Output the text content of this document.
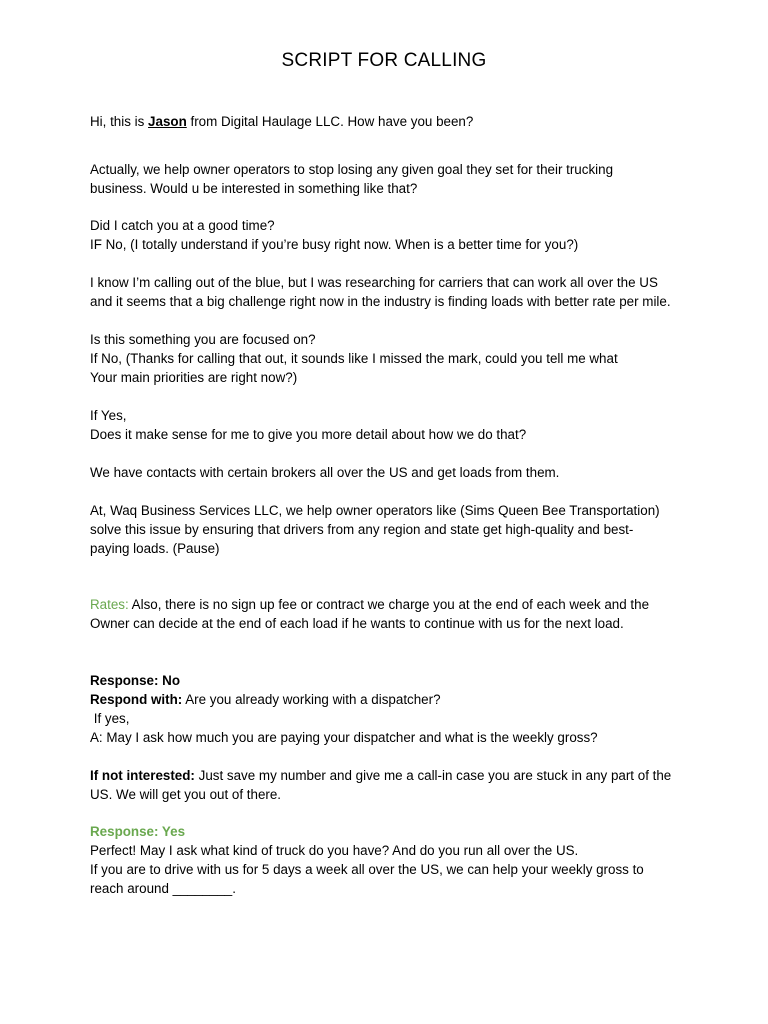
SCRIPT FOR CALLING

Hi, this is Jason from Digital Haulage LLC. How have you been?

Actually, we help owner operators to stop losing any given goal they set for their trucking business. Would u be interested in something like that?

Did I catch you at a good time?

IF No, (I totally understand if you’re busy right now. When is a better time for you?)

I know I’m calling out of the blue, but I was researching for carriers that can work all over the US and it seems that a big challenge right now in the industry is finding loads with better rate per mile.

Is this something you are focused on?

If No, (Thanks for calling that out, it sounds like I missed the mark, could you tell me what

Your main priorities are right now?)

If Yes,

Does it make sense for me to give you more detail about how we do that?

We have contacts with certain brokers all over the US and get loads from them.

At, Waq Business Services LLC, we help owner operators like (Sims Queen Bee Transportation) solve this issue by ensuring that drivers from any region and state get high-quality and best-paying loads. (Pause)

Rates: Also, there is no sign up fee or contract we charge you at the end of each week and the Owner can decide at the end of each load if he wants to continue with us for the next load.

Response: No

Respond with: Are you already working with a dispatcher?

If yes,

A: May I ask how much you are paying your dispatcher and what is the weekly gross?

If not interested: Just save my number and give me a call-in case you are stuck in any part of the US. We will get you out of there.

Response: Yes

Perfect! May I ask what kind of truck do you have? And do you run all over the US.

If you are to drive with us for 5 days a week all over the US, we can help your weekly gross to reach around ________.
